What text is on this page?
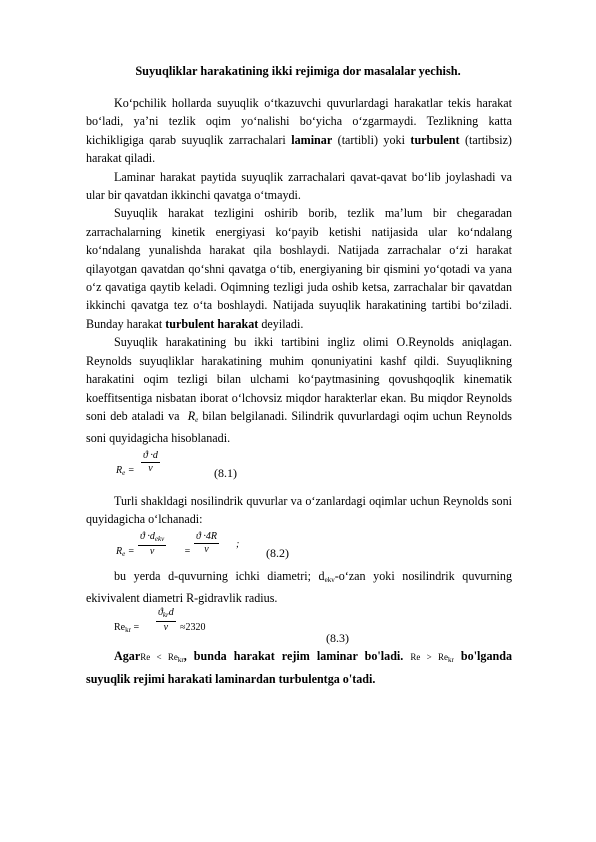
Suyuqliklar harakatining ikki rejimiga dor masalalar yechish.

Ko‘pchilik hollarda suyuqlik o‘tkazuvchi quvurlardagi harakatlar tekis harakat bo‘ladi, ya’ni tezlik oqim yo‘nalishi bo‘yicha o‘zgarmaydi. Tezlikning katta kichikligiga qarab suyuqlik zarrachalari laminar (tartibli) yoki turbulent (tartibsiz) harakat qiladi.

Laminar harakat paytida suyuqlik zarrachalari qavat-qavat bo‘lib joylashadi va ular bir qavatdan ikkinchi qavatga o‘tmaydi.

Suyuqlik harakat tezligini oshirib borib, tezlik ma’lum bir chegaradan zarrachalarning kinetik energiyasi ko‘payib ketishi natijasida ular ko‘ndalang ko‘ndalang yunalishda harakat qila boshlaydi. Natijada zarrachalar o‘zi harakat qilayotgan qavatdan qo‘shni qavatga o‘tib, energiyaning bir qismini yo‘qotadi va yana o‘z qavatiga qaytib keladi. Oqimning tezligi juda oshib ketsa, zarrachalar bir qavatdan ikkinchi qavatga tez o‘ta boshlaydi. Natijada suyuqlik harakatining tartibi bo‘ziladi. Bunday harakat turbulent harakat deyiladi.

Suyuqlik harakatining bu ikki tartibini ingliz olimi O.Reynolds aniqlagan. Reynolds suyuqliklar harakatining muhim qonuniyatini kashf qildi. Suyuqlikning harakatini oqim tezligi bilan ulchami ko‘paytmasining qovushqoqlik kinematik koeffitsentiga nisbatan iborat o‘lchovsiz miqdor harakterlar ekan. Bu miqdor Reynolds soni deb ataladi va $R_e$ bilan belgilanadi. Silindrik quvurlardagi oqim uchun Reynolds soni quyidagicha hisoblanadi.

$R_e = \frac{ϑ \cdot d}{\nu}$	(8.1)

Turli shakldagi nosilindrik quvurlar va o‘zanlardagi oqimlar uchun Reynolds soni quyidagicha o‘lchanadi:

$R_e$ =
$ϑ \cdot d_{ekv}$
ν	= $\frac{ϑ \cdot 4R}{\nu}$ ;
(8.2)

bu yerda d-quvurning ichki diametri; $d_{ekv}-o‘zan$ yoki nosilindrik quvurning ekivivalent diametri R-gidravlik radius.

$Re_{kr}$ =
$ϑ_{kr}d$
ν	≈2320
(8.3)

AgarRe < $Re_{kr}$, bunda harakat rejim laminar bo'ladi. $Re > Re_{kr}$ bo'lganda suyuqlik rejimi harakati laminardan turbulentga o'tadi.
